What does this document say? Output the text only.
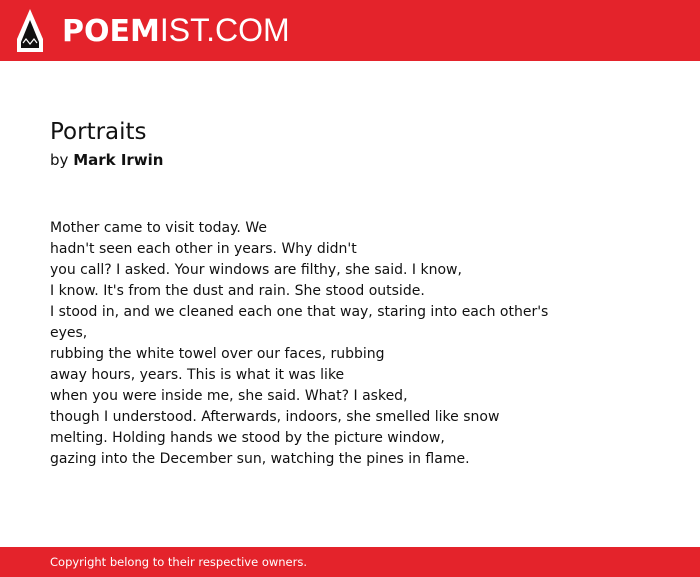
POEMIST.COM
Portraits
by Mark Irwin
Mother came to visit today. We
hadn't seen each other in years. Why didn't
you call? I asked. Your windows are filthy, she said. I know,
I know. It's from the dust and rain. She stood outside.
I stood in, and we cleaned each one that way, staring into each other's
eyes,
rubbing the white towel over our faces, rubbing
away hours, years. This is what it was like
when you were inside me, she said. What? I asked,
though I understood. Afterwards, indoors, she smelled like snow
melting. Holding hands we stood by the picture window,
gazing into the December sun, watching the pines in flame.
Copyright belong to their respective owners.
